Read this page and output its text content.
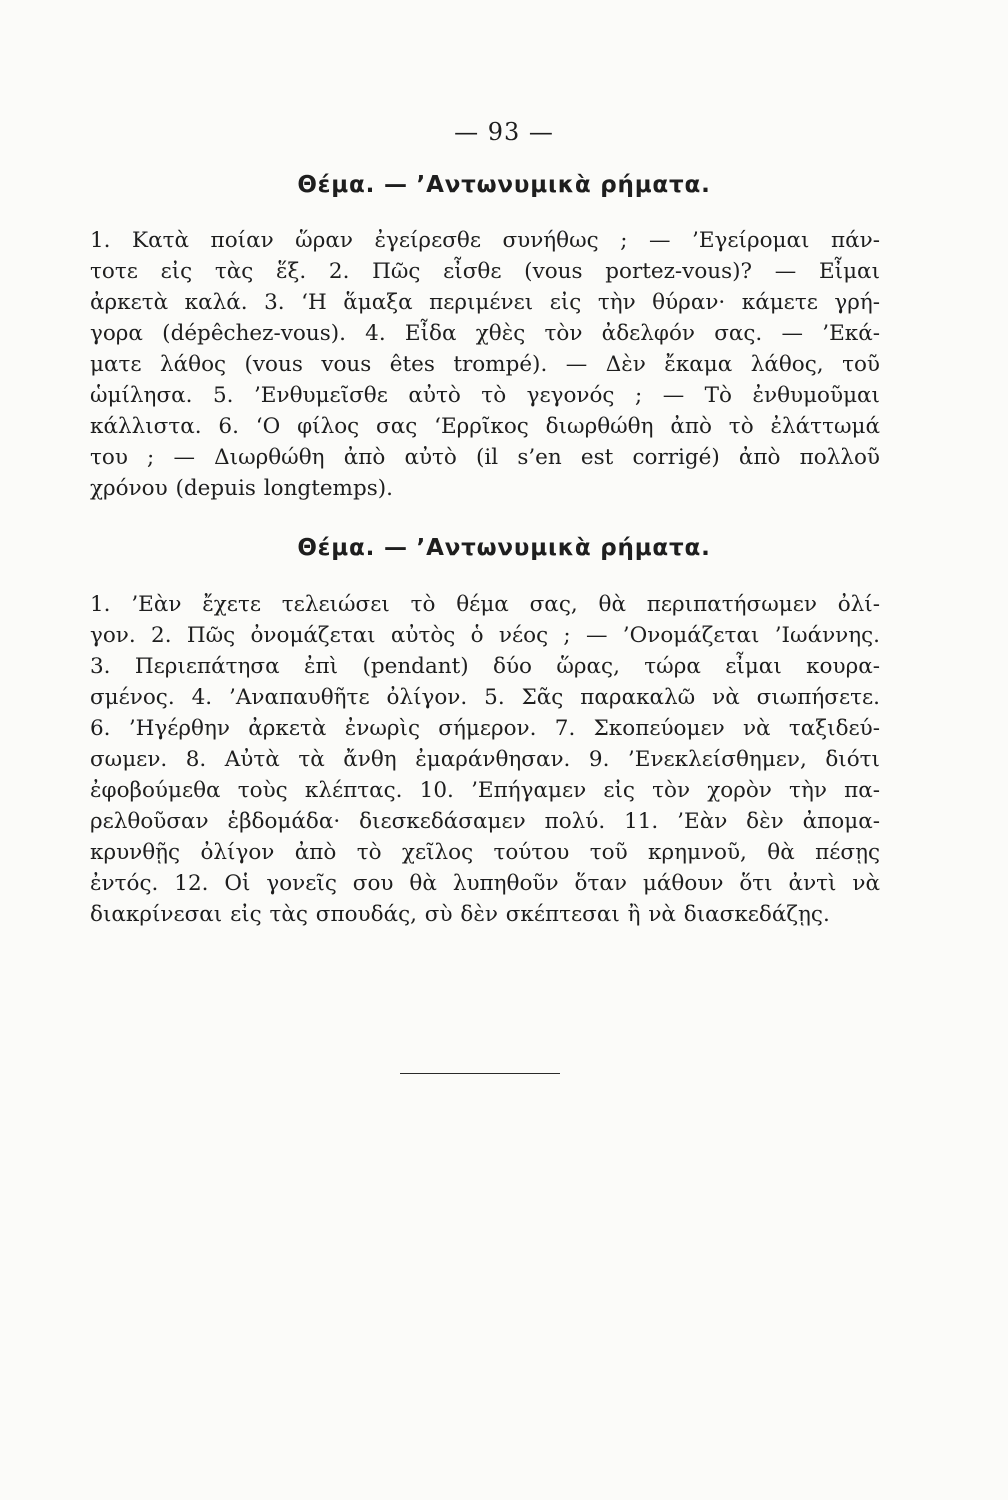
— 93 —
Θέμα. — ’Αντωνυμικὰ ρήματα.
1. Κατὰ ποίαν ὥραν ἐγείρεσθε συνήθως ; — ’Εγείρομαι πάν-
τοτε εἰς τὰς ἕξ. 2. Πῶς εἶσθε (vous portez-vous)? — Εἶμαι
ἀρκετὰ καλά. 3. ‘Η ἅμαξα περιμένει εἰς τὴν θύραν· κάμετε γρή-
γορα (dépêchez-vous). 4. Εἶδα χθὲς τὸν ἀδελφόν σας. — ’Εκά-
ματε λάθος (vous vous êtes trompé). — Δὲν ἔκαμα λάθος, τοῦ
ὡμίλησα. 5. ’Ενθυμεῖσθε αὐτὸ τὸ γεγονός ; — Τὸ ἐνθυμοῦμαι
κάλλιστα. 6. ‘Ο φίλος σας ‘Ερρῖκος διωρθώθη ἀπὸ τὸ ἐλάττωμά
του ; — Διωρθώθη ἀπὸ αὐτὸ (il s’en est corrigé) ἀπὸ πολλοῦ
χρόνου (depuis longtemps).
Θέμα. — ’Αντωνυμικὰ ρήματα.
1. ’Εὰν ἔχετε τελειώσει τὸ θέμα σας, θὰ περιπατήσωμεν ὀλί-
γον. 2. Πῶς ὀνομάζεται αὐτὸς ὁ νέος ; — ’Ονομάζεται ’Ιωάννης.
3. Περιεπάτησα ἐπὶ (pendant) δύο ὥρας, τώρα εἶμαι κουρα-
σμένος. 4. ’Αναπαυθῆτε ὀλίγον. 5. Σᾶς παρακαλῶ νὰ σιωπήσετε.
6. ’Ηγέρθην ἀρκετὰ ἐνωρὶς σήμερον. 7. Σκοπεύομεν νὰ ταξιδεύ-
σωμεν. 8. Αὐτὰ τὰ ἄνθη ἐμαράνθησαν. 9. ’Ενεκλείσθημεν, διότι
ἐφοβούμεθα τοὺς κλέπτας. 10. ’Επήγαμεν εἰς τὸν χορὸν τὴν πα-
ρελθοῦσαν ἑβδομάδα· διεσκεδάσαμεν πολύ. 11. ’Εὰν δὲν ἀπομα-
κρυνθῇς ὀλίγον ἀπὸ τὸ χεῖλος τούτου τοῦ κρημνοῦ, θὰ πέσῃς
ἐντός. 12. Οἱ γονεῖς σου θὰ λυπηθοῦν ὅταν μάθουν ὅτι ἀντὶ νὰ
διακρίνεσαι εἰς τὰς σπουδάς, σὺ δὲν σκέπτεσαι ἢ νὰ διασκεδάζῃς.
